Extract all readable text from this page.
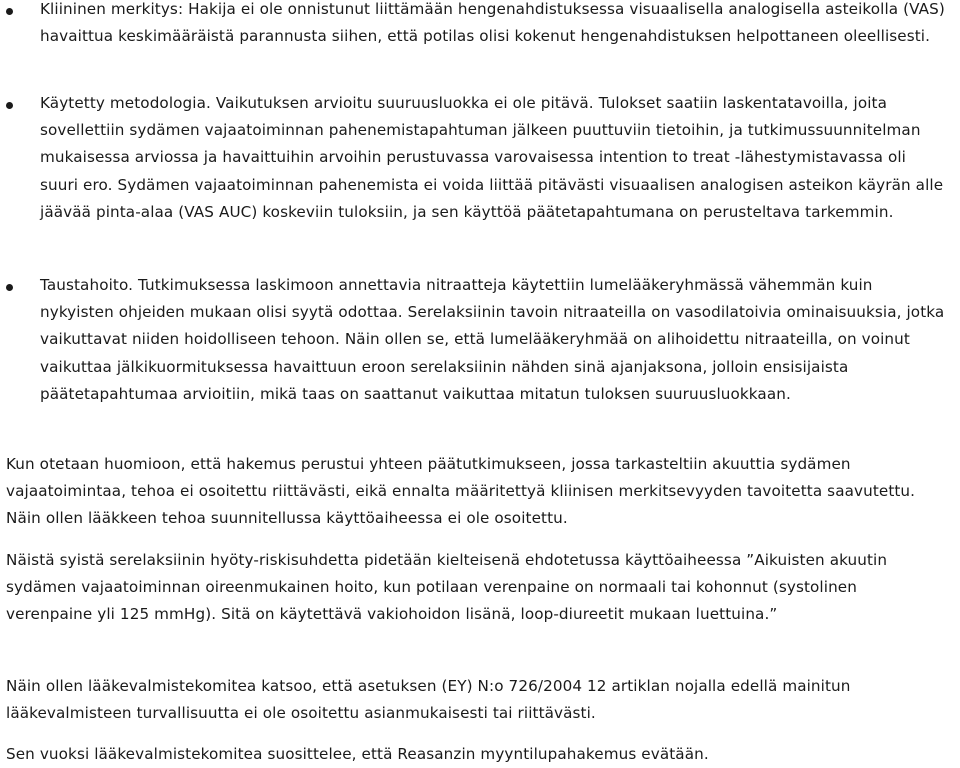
Kliininen merkitys: Hakija ei ole onnistunut liittämään hengenahdistuksessa visuaalisella analogisella asteikolla (VAS) havaittua keskimääräistä parannusta siihen, että potilas olisi kokenut hengenahdistuksen helpottaneen oleellisesti.
Käytetty metodologia. Vaikutuksen arvioitu suuruusluokka ei ole pitävä. Tulokset saatiin laskentatavoilla, joita sovellettiin sydämen vajaatoiminnan pahenemistapahtuman jälkeen puuttuviin tietoihin, ja tutkimussuunnitelman mukaisessa arviossa ja havaittuihin arvoihin perustuvassa varovaisessa intention to treat -lähestymistavassa oli suuri ero. Sydämen vajaatoiminnan pahenemista ei voida liittää pitävästi visuaalisen analogisen asteikon käyrän alle jäävää pinta-alaa (VAS AUC) koskeviin tuloksiin, ja sen käyttöä päätetapahtumana on perusteltava tarkemmin.
Taustahoito. Tutkimuksessa laskimoon annettavia nitraatteja käytettiin lumelääkeryhmässä vähemmän kuin nykyisten ohjeiden mukaan olisi syytä odottaa. Serelaksiinin tavoin nitraateilla on vasodilatoivia ominaisuuksia, jotka vaikuttavat niiden hoidolliseen tehoon. Näin ollen se, että lumelääkeryhmää on alihoidettu nitraateilla, on voinut vaikuttaa jälkikuormituksessa havaittuun eroon serelaksiinin nähden sinä ajanjaksona, jolloin ensisijaista päätetapahtumaa arvioitiin, mikä taas on saattanut vaikuttaa mitatun tuloksen suuruusluokkaan.

Kun otetaan huomioon, että hakemus perustui yhteen päätutkimukseen, jossa tarkasteltiin akuuttia sydämen vajaatoimintaa, tehoa ei osoitettu riittävästi, eikä ennalta määritettyä kliinisen merkitsevyyden tavoitetta saavutettu. Näin ollen lääkkeen tehoa suunnitellussa käyttöaiheessa ei ole osoitettu.

Näistä syistä serelaksiinin hyöty-riskisuhdetta pidetään kielteisenä ehdotetussa käyttöaiheessa ”Aikuisten akuutin sydämen vajaatoiminnan oireenmukainen hoito, kun potilaan verenpaine on normaali tai kohonnut (systolinen verenpaine yli 125 mmHg). Sitä on käytettävä vakiohoidon lisänä, loop-diureetit mukaan luettuina.”

Näin ollen lääkevalmistekomitea katsoo, että asetuksen (EY) N:o 726/2004 12 artiklan nojalla edellä mainitun lääkevalmisteen turvallisuutta ei ole osoitettu asianmukaisesti tai riittävästi.

Sen vuoksi lääkevalmistekomitea suosittelee, että Reasanzin myyntilupahakemus evätään.
